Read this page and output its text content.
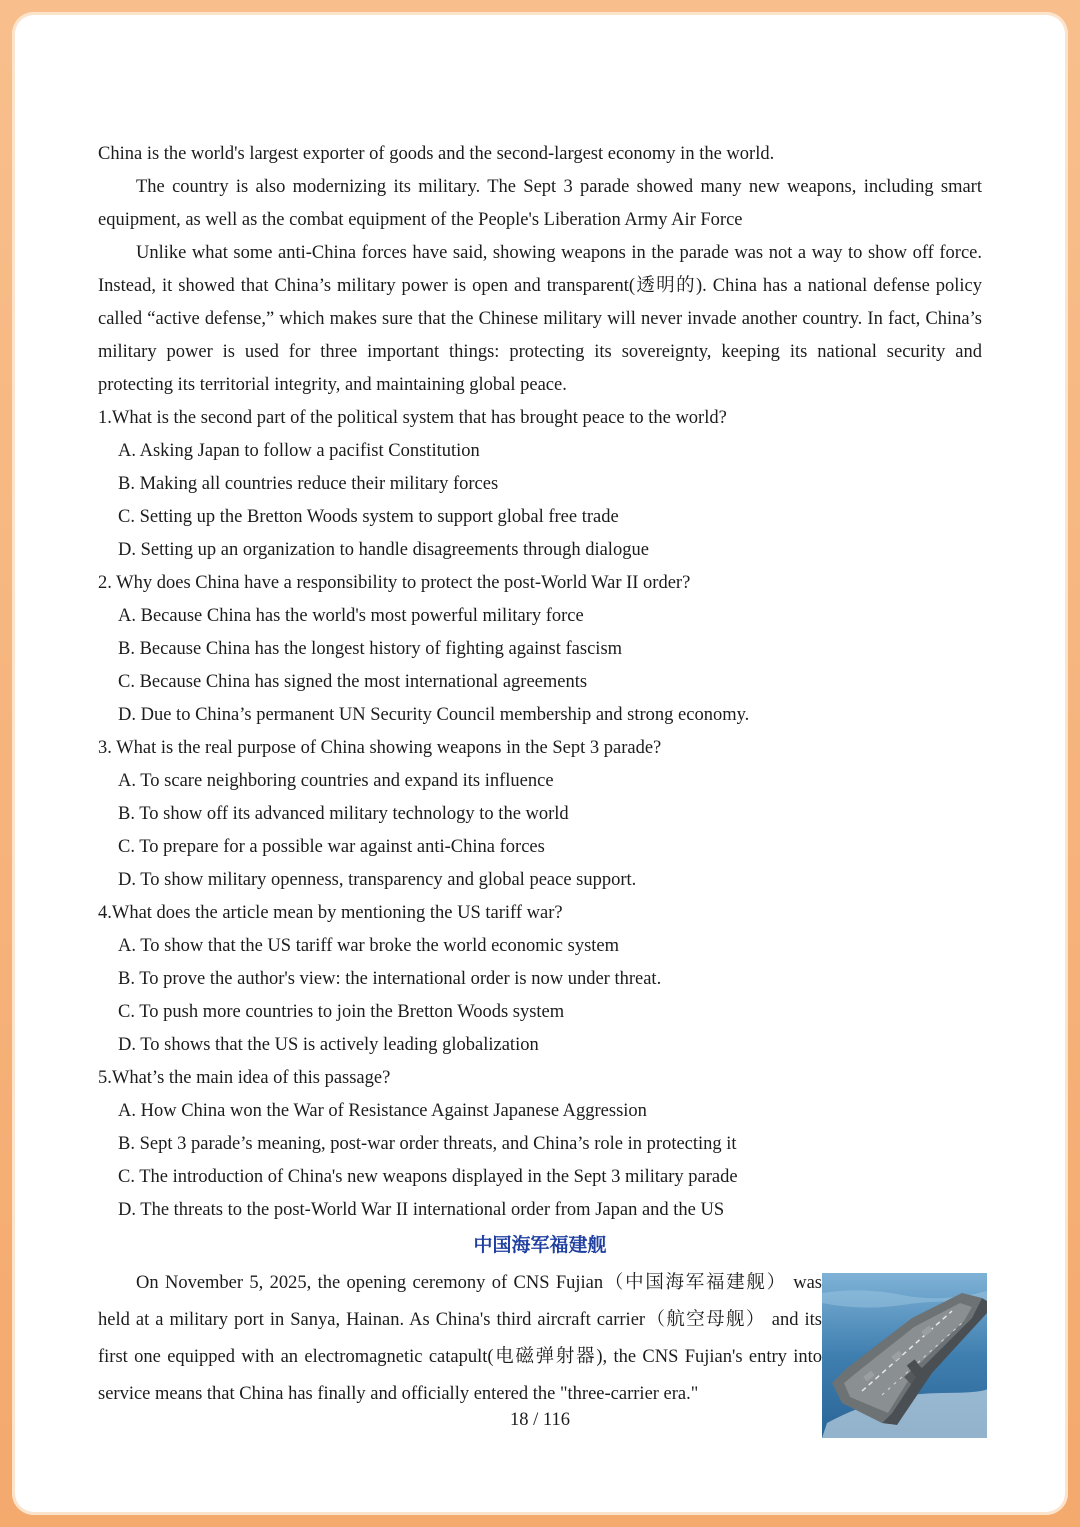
China is the world's largest exporter of goods and the second-largest economy in the world.

The country is also modernizing its military. The Sept 3 parade showed many new weapons, including smart equipment, as well as the combat equipment of the People's Liberation Army Air Force

Unlike what some anti-China forces have said, showing weapons in the parade was not a way to show off force. Instead, it showed that China’s military power is open and transparent(透明的). China has a national defense policy called “active defense,” which makes sure that the Chinese military will never invade another country. In fact, China’s military power is used for three important things: protecting its sovereignty, keeping its national security and protecting its territorial integrity, and maintaining global peace.

1.What is the second part of the political system that has brought peace to the world?

A. Asking Japan to follow a pacifist Constitution

B. Making all countries reduce their military forces

C. Setting up the Bretton Woods system to support global free trade

D. Setting up an organization to handle disagreements through dialogue

2. Why does China have a responsibility to protect the post-World War II order?

A. Because China has the world's most powerful military force

B. Because China has the longest history of fighting against fascism

C. Because China has signed the most international agreements

D. Due to China’s permanent UN Security Council membership and strong economy.

3. What is the real purpose of China showing weapons in the Sept 3 parade?

A. To scare neighboring countries and expand its influence

B. To show off its advanced military technology to the world

C. To prepare for a possible war against anti-China forces

D. To show military openness, transparency and global peace support.

4.What does the article mean by mentioning the US tariff war?

A. To show that the US tariff war broke the world economic system

B. To prove the author's view: the international order is now under threat.

C. To push more countries to join the Bretton Woods system

D. To shows that the US is actively leading globalization

5.What’s the main idea of this passage?

A. How China won the War of Resistance Against Japanese Aggression

B. Sept 3 parade’s meaning, post-war order threats, and China’s role in protecting it

C. The introduction of China's new weapons displayed in the Sept 3 military parade

D. The threats to the post-World War II international order from Japan and the US

中国海军福建舰

On November 5, 2025, the opening ceremony of CNS Fujian（中国海军福建舰） was held at a military port in Sanya, Hainan. As China's third aircraft carrier（航空母舰） and its first one equipped with an electromagnetic catapult(电磁弹射器), the CNS Fujian's entry into service means that China has finally and officially entered the "three-carrier era."

18 / 116
